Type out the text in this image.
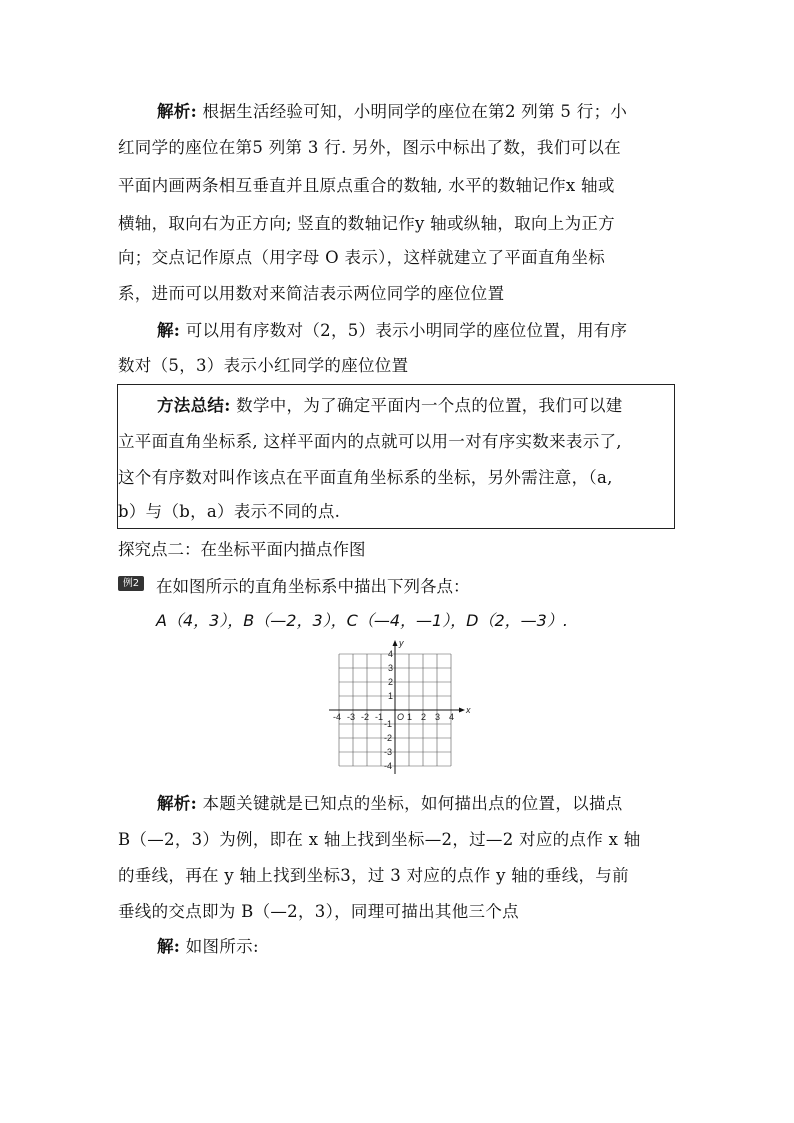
解析: 根据生活经验可知，小明同学的座位在第2 列第 5 行；小
红同学的座位在第5 列第 3 行. 另外，图示中标出了数，我们可以在
平面内画两条相互垂直并且原点重合的数轴, 水平的数轴记作x 轴或
横轴，取向右为正方向; 竖直的数轴记作y 轴或纵轴，取向上为正方
向；交点记作原点（用字母 O 表示），这样就建立了平面直角坐标
系，进而可以用数对来简洁表示两位同学的座位位置
解: 可以用有序数对（2，5）表示小明同学的座位位置，用有序
数对（5，3）表示小红同学的座位位置
方法总结: 数学中，为了确定平面内一个点的位置，我们可以建
立平面直角坐标系, 这样平面内的点就可以用一对有序实数来表示了,
这个有序数对叫作该点在平面直角坐标系的坐标，另外需注意，（a,
b）与（b，a）表示不同的点.
探究点二：在坐标平面内描点作图
例2 在如图所示的直角坐标系中描出下列各点：
A（4，3），B（—2，3），C（—4，—1），D（2，—3）.
x
y
O
-4 -3 -2 -1	1 2 3 4
4
3
2
1
-1
-2
-3
-4
解析: 本题关键就是已知点的坐标，如何描出点的位置，以描点
B（—2，3）为例，即在 x 轴上找到坐标—2，过—2 对应的点作 x 轴
的垂线，再在 y 轴上找到坐标3，过 3 对应的点作 y 轴的垂线，与前
垂线的交点即为 B（—2，3），同理可描出其他三个点
解: 如图所示:
